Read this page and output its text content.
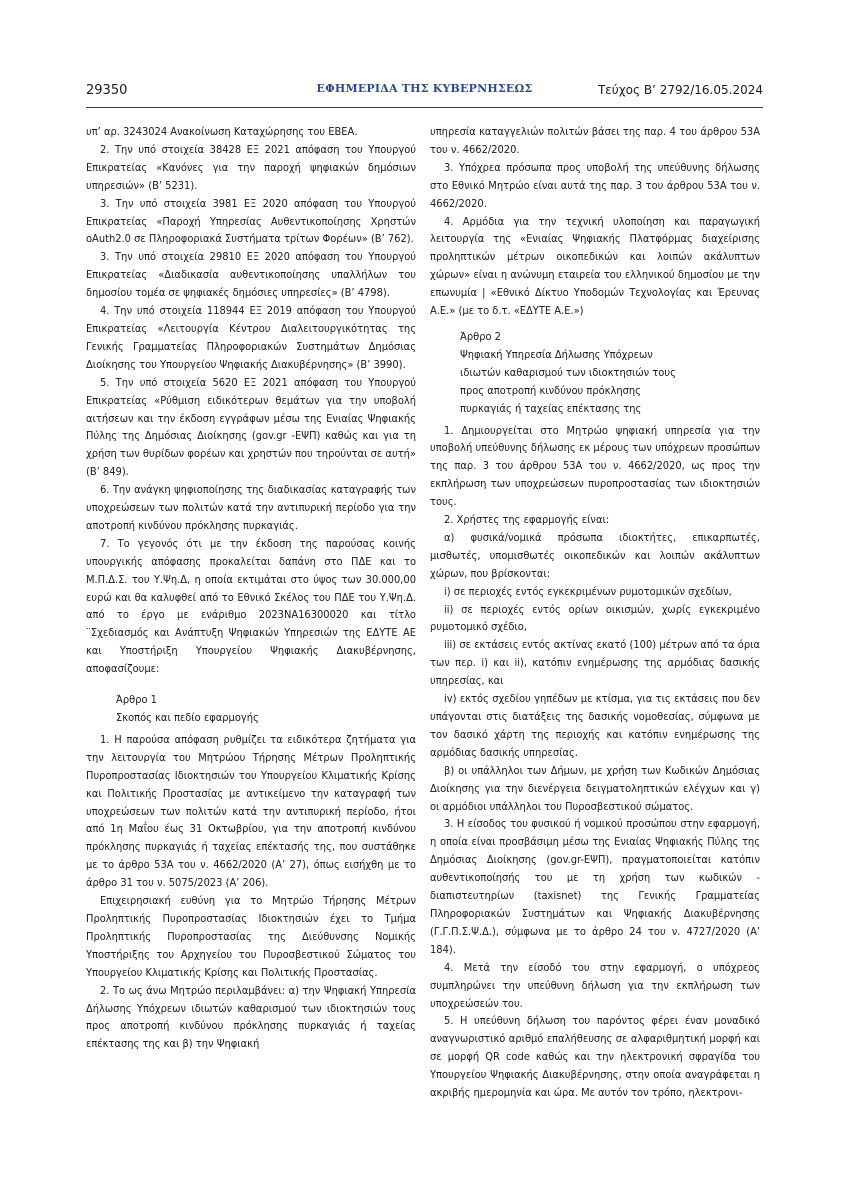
29350	ΕΦΗΜΕΡΙΔΑ ΤΗΣ ΚΥΒΕΡΝΗΣΕΩΣ	Τεύχος B’ 2792/16.05.2024

υπ’ αρ. 3243024 Ανακοίνωση Καταχώρησης του ΕΒΕΑ.

2. Την υπό στοιχεία 38428 ΕΞ 2021 απόφαση του Υπουργού Επικρατείας «Κανόνες για την παροχή ψηφιακών δημόσιων υπηρεσιών» (Β’ 5231).

3. Την υπό στοιχεία 3981 ΕΞ 2020 απόφαση του Υπουργού Επικρατείας «Παροχή Υπηρεσίας Αυθεντικοποίησης Χρηστών oAuth2.0 σε Πληροφοριακά Συστήματα τρίτων Φορέων» (Β’ 762).

3. Την υπό στοιχεία 29810 ΕΞ 2020 απόφαση του Υπουργού Επικρατείας «Διαδικασία αυθεντικοποίησης υπαλλήλων του δημοσίου τομέα σε ψηφιακές δημόσιες υπηρεσίες» (Β’ 4798).

4. Την υπό στοιχεία 118944 ΕΞ 2019 απόφαση του Υπουργού Επικρατείας «Λειτουργία Κέντρου Διαλειτουργικότητας της Γενικής Γραμματείας Πληροφοριακών Συστημάτων Δημόσιας Διοίκησης του Υπουργείου Ψηφιακής Διακυβέρνησης» (Β’ 3990).

5. Την υπό στοιχεία 5620 ΕΞ 2021 απόφαση του Υπουργού Επικρατείας «Ρύθμιση ειδικότερων θεμάτων για την υποβολή αιτήσεων και την έκδοση εγγράφων μέσω της Ενιαίας Ψηφιακής Πύλης της Δημόσιας Διοίκησης (gov.gr -ΕΨΠ) καθώς και για τη χρήση των θυρίδων φορέων και χρηστών που τηρούνται σε αυτή» (Β’ 849).

6. Την ανάγκη ψηφιοποίησης της διαδικασίας καταγραφής των υποχρεώσεων των πολιτών κατά την αντιπυρική περίοδο για την αποτροπή κινδύνου πρόκλησης πυρκαγιάς.

7. Το γεγονός ότι με την έκδοση της παρούσας κοινής υπουργικής απόφασης προκαλείται δαπάνη στο ΠΔΕ και το Μ.Π.Δ.Σ. του Υ.Ψη.Δ, η οποία εκτιμάται στο ύψος των 30.000,00 ευρώ και θα καλυφθεί από το Εθνικό Σκέλος του ΠΔΕ του Υ.Ψη.Δ. από το έργο με ενάριθμο 2023ΝΑ16300020 και τίτλο ¨Σχεδιασμός και Ανάπτυξη Ψηφιακών Υπηρεσιών της ΕΔΥΤΕ ΑΕ και Υποστήριξη Υπουργείου Ψηφιακής Διακυβέρνησης, αποφασίζουμε:

Άρθρο 1

Σκοπός και πεδίο εφαρμογής

1. Η παρούσα απόφαση ρυθμίζει τα ειδικότερα ζητήματα για την λειτουργία του Μητρώου Τήρησης Μέτρων Προληπτικής Πυροπροστασίας Ιδιοκτησιών του Υπουργείου Κλιματικής Κρίσης και Πολιτικής Προστασίας με αντικείμενο την καταγραφή των υποχρεώσεων των πολιτών κατά την αντιπυρική περίοδο, ήτοι από 1η Μαΐου έως 31 Οκτωβρίου, για την αποτροπή κινδύνου πρόκλησης πυρκαγιάς ή ταχείας επέκτασής της, που συστάθηκε με το άρθρο 53Α του ν. 4662/2020 (Α’ 27), όπως εισήχθη με το άρθρο 31 του ν. 5075/2023 (Α’ 206).

Επιχειρησιακή ευθύνη για το Μητρώο Τήρησης Μέτρων Προληπτικής Πυροπροστασίας Ιδιοκτησιών έχει το Τμήμα Προληπτικής Πυροπροστασίας της Διεύθυνσης Νομικής Υποστήριξης του Αρχηγείου του Πυροσβεστικού Σώματος του Υπουργείου Κλιματικής Κρίσης και Πολιτικής Προστασίας.

2. Το ως άνω Μητρώο περιλαμβάνει: α) την Ψηφιακή Υπηρεσία Δήλωσης Υπόχρεων ιδιωτών καθαρισμού των ιδιοκτησιών τους προς αποτροπή κινδύνου πρόκλησης πυρκαγιάς ή ταχείας επέκτασης της και β) την Ψηφιακή

υπηρεσία καταγγελιών πολιτών βάσει της παρ. 4 του άρθρου 53Α του ν. 4662/2020.

3. Υπόχρεα πρόσωπα προς υποβολή της υπεύθυνης δήλωσης στο Εθνικό Μητρώο είναι αυτά της παρ. 3 του άρθρου 53Α του ν. 4662/2020.

4. Αρμόδια για την τεχνική υλοποίηση και παραγωγική λειτουργία της «Ενιαίας Ψηφιακής Πλατφόρμας διαχείρισης προληπτικών μέτρων οικοπεδικών και λοιπών ακάλυπτων χώρων» είναι η ανώνυμη εταιρεία του ελληνικού δημοσίου με την επωνυμία | «Εθνικό Δίκτυο Υποδομών Τεχνολογίας και Έρευνας Α.Ε.» (με το δ.τ. «ΕΔΥΤΕ Α.Ε.»)

Άρθρο 2

Ψηφιακή Υπηρεσία Δήλωσης Υπόχρεων ιδιωτών καθαρισμού των ιδιοκτησιών τους προς αποτροπή κινδύνου πρόκλησης πυρκαγιάς ή ταχείας επέκτασης της

1. Δημιουργείται στο Μητρώο ψηφιακή υπηρεσία για την υποβολή υπεύθυνης δήλωσης εκ μέρους των υπόχρεων προσώπων της παρ. 3 του άρθρου 53Α του ν. 4662/2020, ως προς την εκπλήρωση των υποχρεώσεων πυροπροστασίας των ιδιοκτησιών τους.

2. Χρήστες της εφαρμογής είναι:

α) φυσικά/νομικά πρόσωπα ιδιοκτήτες, επικαρπωτές, μισθωτές, υπομισθωτές οικοπεδικών και λοιπών ακάλυπτων χώρων, που βρίσκονται:

i) σε περιοχές εντός εγκεκριμένων ρυμοτομικών σχεδίων,

ii) σε περιοχές εντός ορίων οικισμών, χωρίς εγκεκριμένο ρυμοτομικό σχέδιο,

iii) σε εκτάσεις εντός ακτίνας εκατό (100) μέτρων από τα όρια των περ. i) και ii), κατόπιν ενημέρωσης της αρμόδιας δασικής υπηρεσίας, και

iv) εκτός σχεδίου γηπέδων με κτίσμα, για τις εκτάσεις που δεν υπάγονται στις διατάξεις της δασικής νομοθεσίας, σύμφωνα με τον δασικό χάρτη της περιοχής και κατόπιν ενημέρωσης της αρμόδιας δασικής υπηρεσίας.

β) οι υπάλληλοι των Δήμων, με χρήση των Κωδικών Δημόσιας Διοίκησης για την διενέργεια δειγματοληπτικών ελέγχων και γ) οι αρμόδιοι υπάλληλοι του Πυροσβεστικού σώματος.

3. Η είσοδος του φυσικού ή νομικού προσώπου στην εφαρμογή, η οποία είναι προσβάσιμη μέσω της Ενιαίας Ψηφιακής Πύλης της Δημόσιας Διοίκησης (gov.gr-ΕΨΠ), πραγματοποιείται κατόπιν αυθεντικοποίησής του με τη χρήση των κωδικών - διαπιστευτηρίων (taxisnet) της Γενικής Γραμματείας Πληροφοριακών Συστημάτων και Ψηφιακής Διακυβέρνησης (Γ.Γ.Π.Σ.Ψ.Δ.), σύμφωνα με το άρθρο 24 του ν. 4727/2020 (Α’ 184).

4. Μετά την είσοδό του στην εφαρμογή, ο υπόχρεος συμπληρώνει την υπεύθυνη δήλωση για την εκπλήρωση των υποχρεώσεών του.

5. Η υπεύθυνη δήλωση του παρόντος φέρει έναν μοναδικό αναγνωριστικό αριθμό επαλήθευσης σε αλφαριθμητική μορφή και σε μορφή QR code καθώς και την ηλεκτρονική σφραγίδα του Υπουργείου Ψηφιακής Διακυβέρνησης, στην οποία αναγράφεται η ακριβής ημερομηνία και ώρα. Με αυτόν τον τρόπο, ηλεκτρονι-
